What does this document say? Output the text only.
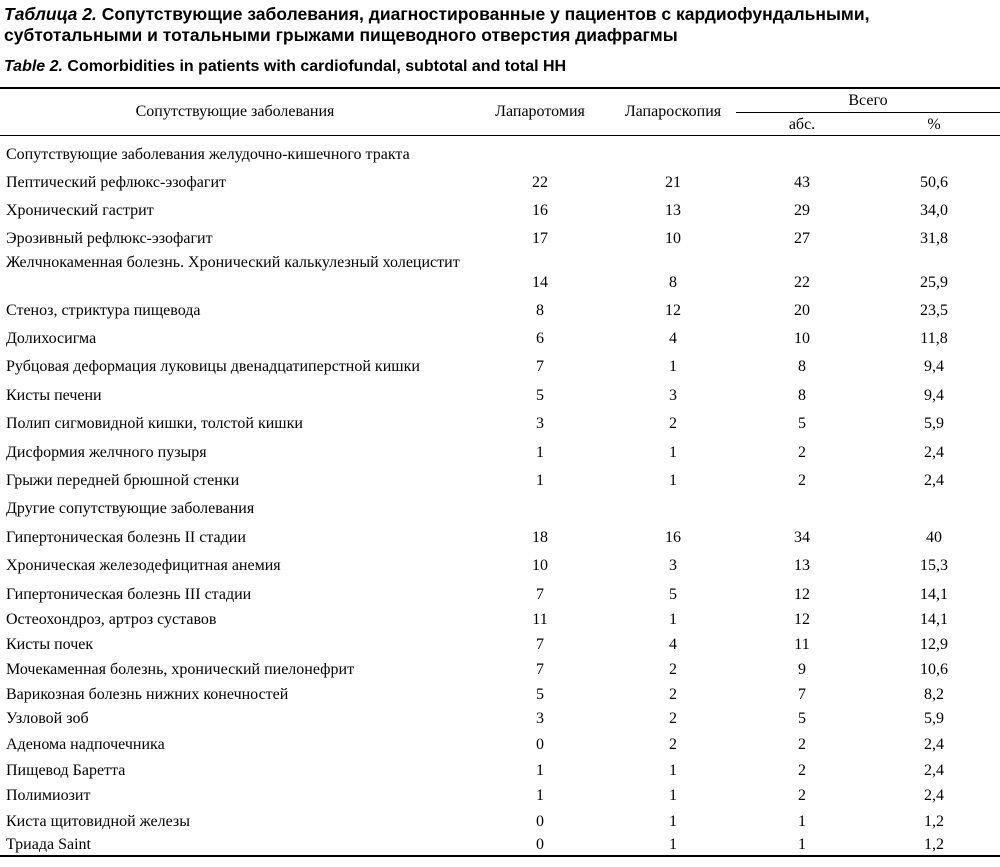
Таблица 2. Сопутствующие заболевания, диагностированные у пациентов с кардиофундальными, субтотальными и тотальными грыжами пищеводного отверстия диафрагмы
Table 2. Comorbidities in patients with cardiofundal, subtotal and total HH
Сопутствующие заболевания	Лапаротомия	Лапароскопия
Всего
абс.	%
Сопутствующие заболевания желудочно-кишечного тракта
Пептический рефлюкс-эзофагит	22	21	43	50,6
Хронический гастрит	16	13	29	34,0
Эрозивный рефлюкс-эзофагит	17	10	27	31,8
Желчнокаменная болезнь. Хронический калькулезный холецистит
14	8	22	25,9
Стеноз, стриктура пищевода	8	12	20	23,5
Долихосигма	6	4	10	11,8
Рубцовая деформация луковицы двенадцатиперстной кишки	7	1	8	9,4
Кисты печени	5	3	8	9,4
Полип сигмовидной кишки, толстой кишки	3	2	5	5,9
Дисформия желчного пузыря	1	1	2	2,4
Грыжи передней брюшной стенки	1	1	2	2,4
Другие сопутствующие заболевания
Гипертоническая болезнь II стадии	18	16	34	40
Хроническая железодефицитная анемия	10	3	13	15,3
Гипертоническая болезнь III стадии	7	5	12	14,1
Остеохондроз, артроз суставов	11	1	12	14,1
Кисты почек	7	4	11	12,9
Мочекаменная болезнь, хронический пиелонефрит	7	2	9	10,6
Варикозная болезнь нижних конечностей	5	2	7	8,2
Узловой зоб	3	2	5	5,9
Аденома надпочечника	0	2	2	2,4
Пищевод Баретта	1	1	2	2,4
Полимиозит	1	1	2	2,4
Киста щитовидной железы	0	1	1	1,2
Триада Saint	0	1	1	1,2
